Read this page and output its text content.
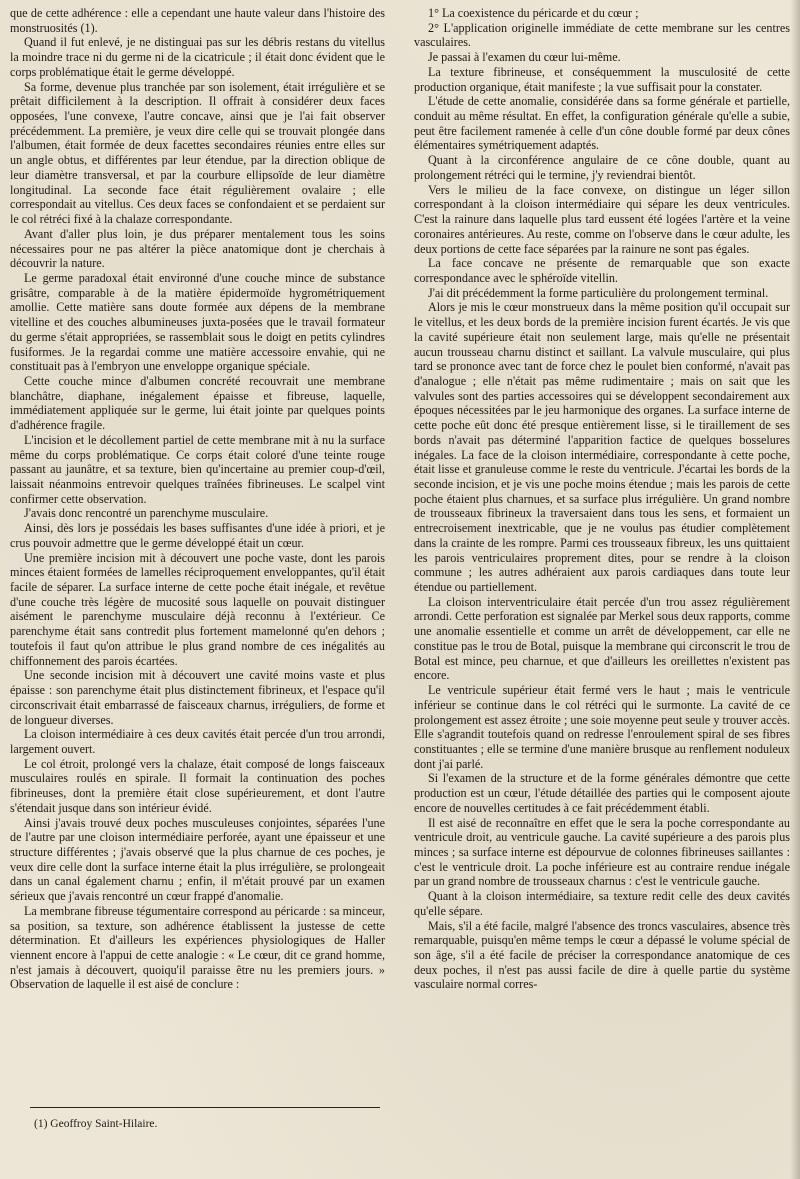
que de cette adhérence : elle a cependant une haute valeur dans l'histoire des monstruosités (1).

Quand il fut enlevé, je ne distinguai pas sur les débris restans du vitellus la moindre trace ni du germe ni de la cicatricule ; il était donc évident que le corps problématique était le germe développé.

Sa forme, devenue plus tranchée par son isolement, était irrégulière et se prêtait difficilement à la description. Il offrait à considérer deux faces opposées, l'une convexe, l'autre concave, ainsi que je l'ai fait observer précédemment. La première, je veux dire celle qui se trouvait plongée dans l'albumen, était formée de deux facettes secondaires réunies entre elles sur un angle obtus, et différentes par leur étendue, par la direction oblique de leur diamètre transversal, et par la courbure ellipsoïde de leur diamètre longitudinal. La seconde face était régulièrement ovalaire ; elle correspondait au vitellus. Ces deux faces se confondaient et se perdaient sur le col rétréci fixé à la chalaze correspondante.

Avant d'aller plus loin, je dus préparer mentalement tous les soins nécessaires pour ne pas altérer la pièce anatomique dont je cherchais à découvrir la nature.

Le germe paradoxal était environné d'une couche mince de substance grisâtre, comparable à de la matière épidermoïde hygrométriquement amollie. Cette matière sans doute formée aux dépens de la membrane vitelline et des couches albumineuses juxta-posées que le travail formateur du germe s'était appropriées, se rassemblait sous le doigt en petits cylindres fusiformes. Je la regardai comme une matière accessoire envahie, qui ne constituait pas à l'embryon une enveloppe organique spéciale.

Cette couche mince d'albumen concrété recouvrait une membrane blanchâtre, diaphane, inégalement épaisse et fibreuse, laquelle, immédiatement appliquée sur le germe, lui était jointe par quelques points d'adhérence fragile.

L'incision et le décollement partiel de cette membrane mit à nu la surface même du corps problématique. Ce corps était coloré d'une teinte rouge passant au jaunâtre, et sa texture, bien qu'incertaine au premier coup-d'œil, laissait néanmoins entrevoir quelques traînées fibrineuses. Le scalpel vint confirmer cette observation.

J'avais donc rencontré un parenchyme musculaire.

Ainsi, dès lors je possédais les bases suffisantes d'une idée à priori, et je crus pouvoir admettre que le germe développé était un cœur.

Une première incision mit à découvert une poche vaste, dont les parois minces étaient formées de lamelles réciproquement enveloppantes, qu'il était facile de séparer. La surface interne de cette poche était inégale, et revêtue d'une couche très légère de mucosité sous laquelle on pouvait distinguer aisément le parenchyme musculaire déjà reconnu à l'extérieur. Ce parenchyme était sans contredit plus fortement mamelonné qu'en dehors ; toutefois il faut qu'on attribue le plus grand nombre de ces inégalités au chiffonnement des parois écartées.

Une seconde incision mit à découvert une cavité moins vaste et plus épaisse : son parenchyme était plus distinctement fibrineux, et l'espace qu'il circonscrivait était embarrassé de faisceaux charnus, irréguliers, de forme et de longueur diverses.

La cloison intermédiaire à ces deux cavités était percée d'un trou arrondi, largement ouvert.

Le col étroit, prolongé vers la chalaze, était composé de longs faisceaux musculaires roulés en spirale. Il formait la continuation des poches fibrineuses, dont la première était close supérieurement, et dont l'autre s'étendait jusque dans son intérieur évidé.

Ainsi j'avais trouvé deux poches musculeuses conjointes, séparées l'une de l'autre par une cloison intermédiaire perforée, ayant une épaisseur et une structure différentes ; j'avais observé que la plus charnue de ces poches, je veux dire celle dont la surface interne était la plus irrégulière, se prolongeait dans un canal également charnu ; enfin, il m'était prouvé par un examen sérieux que j'avais rencontré un cœur frappé d'anomalie.

La membrane fibreuse tégumentaire correspond au péricarde : sa minceur, sa position, sa texture, son adhérence établissent la justesse de cette détermination. Et d'ailleurs les expériences physiologiques de Haller viennent encore à l'appui de cette analogie : « Le cœur, dit ce grand homme, n'est jamais à découvert, quoiqu'il paraisse être nu les premiers jours. » Observation de laquelle il est aisé de conclure :

1° La coexistence du péricarde et du cœur ;

2° L'application originelle immédiate de cette membrane sur les centres vasculaires.

Je passai à l'examen du cœur lui-même.

La texture fibrineuse, et conséquemment la musculosité de cette production organique, était manifeste ; la vue suffisait pour la constater.

L'étude de cette anomalie, considérée dans sa forme générale et partielle, conduit au même résultat. En effet, la configuration générale qu'elle a subie, peut être facilement ramenée à celle d'un cône double formé par deux cônes élémentaires symétriquement adaptés.

Quant à la circonférence angulaire de ce cône double, quant au prolongement rétréci qui le termine, j'y reviendrai bientôt.

Vers le milieu de la face convexe, on distingue un léger sillon correspondant à la cloison intermédiaire qui sépare les deux ventricules. C'est la rainure dans laquelle plus tard eussent été logées l'artère et la veine coronaires antérieures. Au reste, comme on l'observe dans le cœur adulte, les deux portions de cette face séparées par la rainure ne sont pas égales.

La face concave ne présente de remarquable que son exacte correspondance avec le sphéroïde vitellin.

J'ai dit précédemment la forme particulière du prolongement terminal.

Alors je mis le cœur monstrueux dans la même position qu'il occupait sur le vitellus, et les deux bords de la première incision furent écartés. Je vis que la cavité supérieure était non seulement large, mais qu'elle ne présentait aucun trousseau charnu distinct et saillant. La valvule musculaire, qui plus tard se prononce avec tant de force chez le poulet bien conformé, n'avait pas d'analogue ; elle n'était pas même rudimentaire ; mais on sait que les valvules sont des parties accessoires qui se développent secondairement aux époques nécessitées par le jeu harmonique des organes. La surface interne de cette poche eût donc été presque entièrement lisse, si le tiraillement de ses bords n'avait pas déterminé l'apparition factice de quelques bosselures inégales. La face de la cloison intermédiaire, correspondante à cette poche, était lisse et granuleuse comme le reste du ventricule. J'écartai les bords de la seconde incision, et je vis une poche moins étendue ; mais les parois de cette poche étaient plus charnues, et sa surface plus irrégulière. Un grand nombre de trousseaux fibrineux la traversaient dans tous les sens, et formaient un entrecroisement inextricable, que je ne voulus pas étudier complètement dans la crainte de les rompre. Parmi ces trousseaux fibreux, les uns quittaient les parois ventriculaires proprement dites, pour se rendre à la cloison commune ; les autres adhéraient aux parois cardiaques dans toute leur étendue ou partiellement.

La cloison interventriculaire était percée d'un trou assez régulièrement arrondi. Cette perforation est signalée par Merkel sous deux rapports, comme une anomalie essentielle et comme un arrêt de développement, car elle ne constitue pas le trou de Botal, puisque la membrane qui circonscrit le trou de Botal est mince, peu charnue, et que d'ailleurs les oreillettes n'existent pas encore.

Le ventricule supérieur était fermé vers le haut ; mais le ventricule inférieur se continue dans le col rétréci qui le surmonte. La cavité de ce prolongement est assez étroite ; une soie moyenne peut seule y trouver accès. Elle s'agrandit toutefois quand on redresse l'enroulement spiral de ses fibres constituantes ; elle se termine d'une manière brusque au renflement noduleux dont j'ai parlé.

Si l'examen de la structure et de la forme générales démontre que cette production est un cœur, l'étude détaillée des parties qui le composent ajoute encore de nouvelles certitudes à ce fait précédemment établi.

Il est aisé de reconnaître en effet que le sera la poche correspondante au ventricule droit, au ventricule gauche. La cavité supérieure a des parois plus minces ; sa surface interne est dépourvue de colonnes fibrineuses saillantes : c'est le ventricule droit. La poche inférieure est au contraire rendue inégale par un grand nombre de trousseaux charnus : c'est le ventricule gauche.

Quant à la cloison intermédiaire, sa texture redit celle des deux cavités qu'elle sépare.

Mais, s'il a été facile, malgré l'absence des troncs vasculaires, absence très remarquable, puisqu'en même temps le cœur a dépassé le volume spécial de son âge, s'il a été facile de préciser la correspondance anatomique de ces deux poches, il n'est pas aussi facile de dire à quelle partie du système vasculaire normal corres-

(1) Geoffroy Saint-Hilaire.
